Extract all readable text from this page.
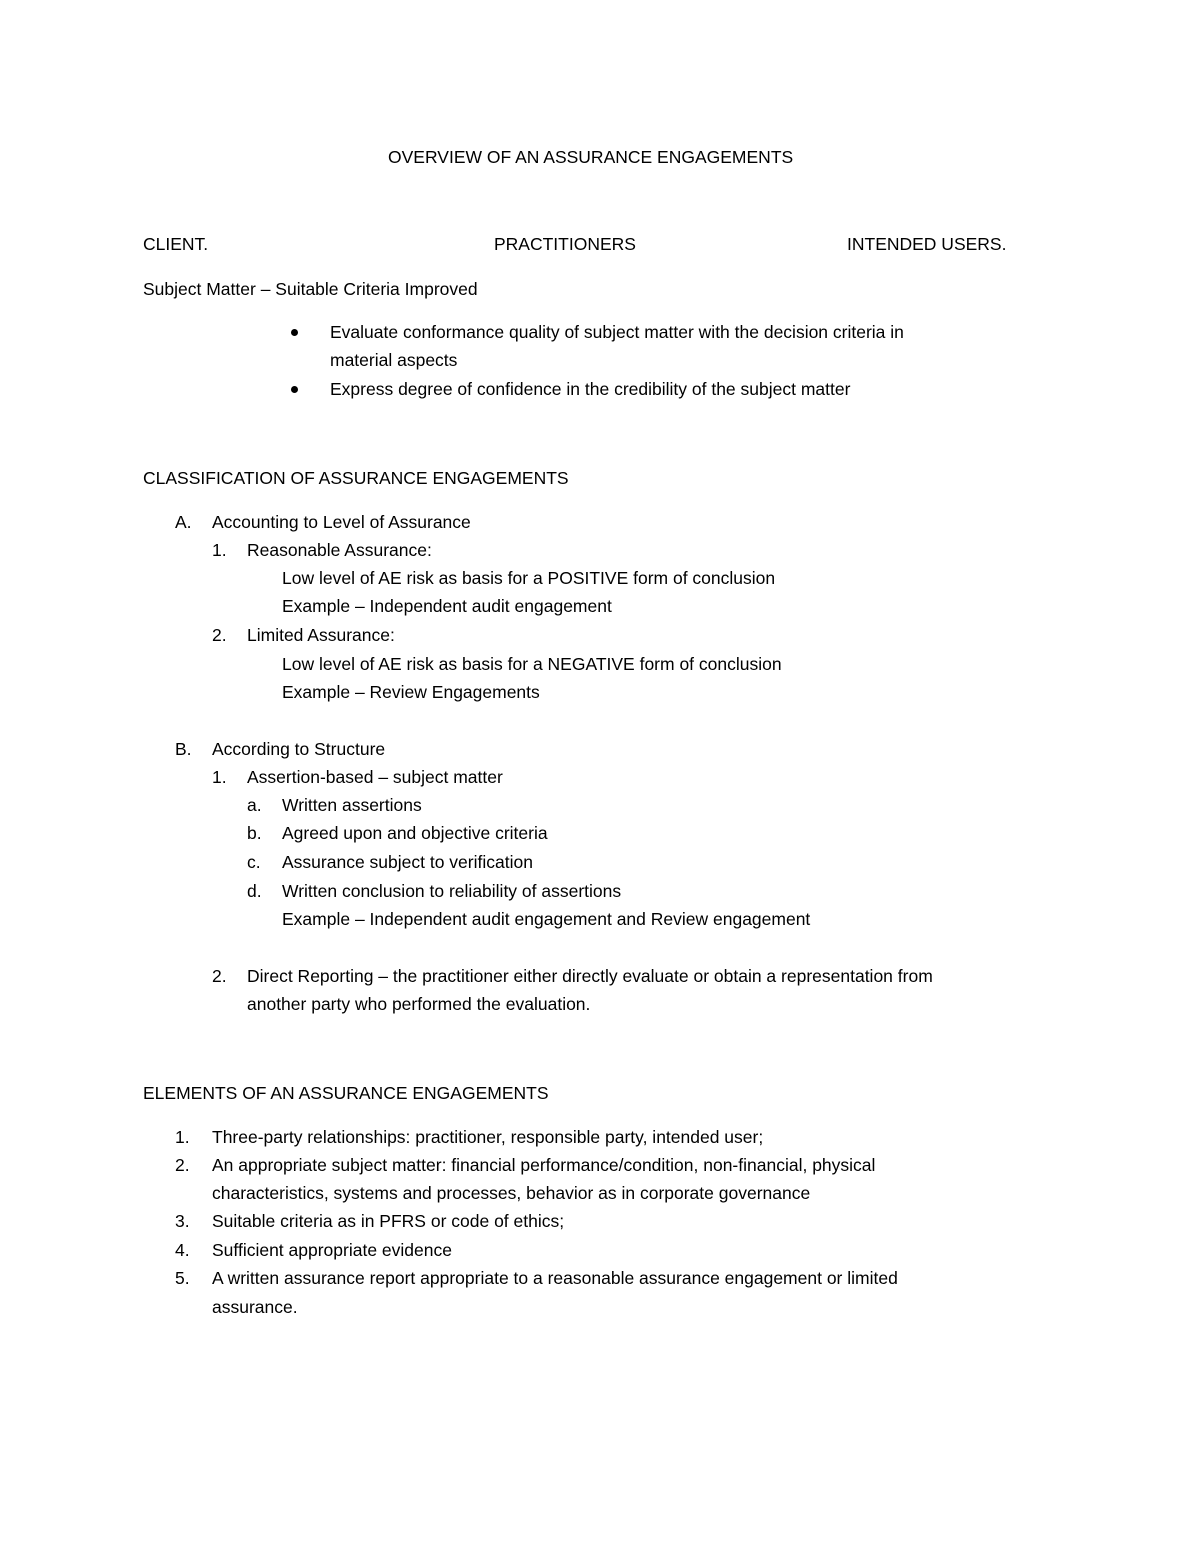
OVERVIEW OF AN ASSURANCE ENGAGEMENTS
CLIENT.	PRACTITIONERS	INTENDED USERS.
Subject Matter – Suitable Criteria Improved
Evaluate conformance quality of subject matter with the decision criteria in
material aspects
Express degree of confidence in the credibility of the subject matter
CLASSIFICATION OF ASSURANCE ENGAGEMENTS
A. Accounting to Level of Assurance
1. Reasonable Assurance:
Low level of AE risk as basis for a POSITIVE form of conclusion
Example – Independent audit engagement
2. Limited Assurance:
Low level of AE risk as basis for a NEGATIVE form of conclusion
Example – Review Engagements
B. According to Structure
1. Assertion-based – subject matter
a. Written assertions
b. Agreed upon and objective criteria
c. Assurance subject to verification
d. Written conclusion to reliability of assertions
Example – Independent audit engagement and Review engagement
2. Direct Reporting – the practitioner either directly evaluate or obtain a representation from
another party who performed the evaluation.
ELEMENTS OF AN ASSURANCE ENGAGEMENTS
1. Three-party relationships: practitioner, responsible party, intended user;
2. An appropriate subject matter: financial performance/condition, non-financial, physical
characteristics, systems and processes, behavior as in corporate governance
3. Suitable criteria as in PFRS or code of ethics;
4. Sufficient appropriate evidence
5. A written assurance report appropriate to a reasonable assurance engagement or limited
assurance.
